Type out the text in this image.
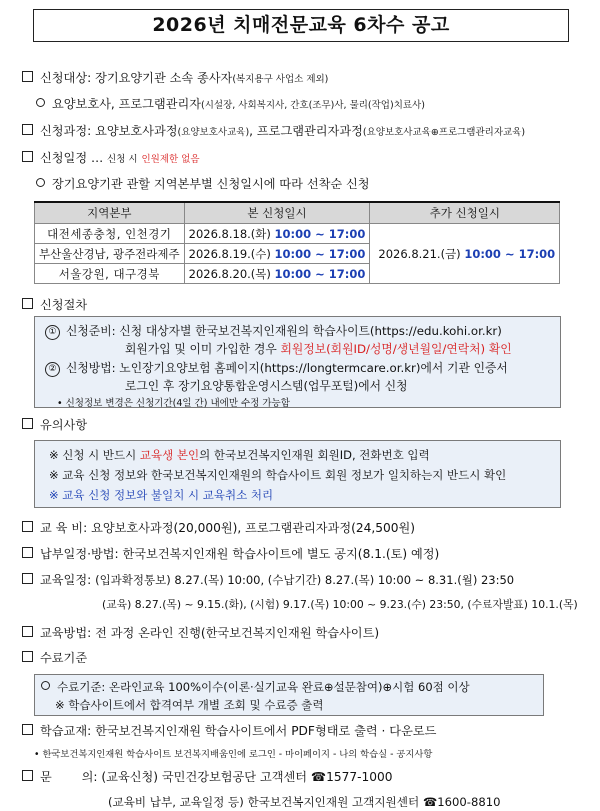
2026년 치매전문교육 6차수 공고
신청대상: 장기요양기관 소속 종사자(복지용구 사업소 제외)
요양보호사, 프로그램관리자(시설장, 사회복지사, 간호(조무)사, 물리(작업)치료사)
신청과정: 요양보호사과정(요양보호사교육), 프로그램관리자과정(요양보호사교육⊕프로그램관리자교육)
신청일정 … 신청 시 인원제한 없음
장기요양기관 관할 지역본부별 신청일시에 따라 선착순 신청
지역본부	본 신청일시	추가 신청일시
대전세종충청, 인천경기	2026.8.18.(화) 10:00 ~ 17:00	2026.8.21.(금) 10:00 ~ 17:00
부산울산경남, 광주전라제주	2026.8.19.(수) 10:00 ~ 17:00	
서울강원, 대구경북	2026.8.20.(목) 10:00 ~ 17:00	
신청절차
① 신청준비: 신청 대상자별 한국보건복지인재원의 학습사이트(https://edu.kohi.or.kr)
회원가입 및 이미 가입한 경우 회원정보(회원ID/성명/생년월일/연락처) 확인
② 신청방법: 노인장기요양보험 홈페이지(https://longtermcare.or.kr)에서 기관 인증서
로그인 후 장기요양통합운영시스템(업무포털)에서 신청
• 신청정보 변경은 신청기간(4일 간) 내에만 수정 가능함
유의사항
※ 신청 시 반드시 교육생 본인의 한국보건복지인재원 회원ID, 전화번호 입력
※ 교육 신청 정보와 한국보건복지인재원의 학습사이트 회원 정보가 일치하는지 반드시 확인
※ 교육 신청 정보와 불일치 시 교육취소 처리
교 육 비: 요양보호사과정(20,000원), 프로그램관리자과정(24,500원)
납부일정·방법: 한국보건복지인재원 학습사이트에 별도 공지(8.1.(토) 예정)
교육일정: (입과확정통보) 8.27.(목) 10:00, (수납기간) 8.27.(목) 10:00 ~ 8.31.(월) 23:50
(교육) 8.27.(목) ~ 9.15.(화), (시험) 9.17.(목) 10:00 ~ 9.23.(수) 23:50, (수료자발표) 10.1.(목)
교육방법: 전 과정 온라인 진행(한국보건복지인재원 학습사이트)
수료기준
수료기준: 온라인교육 100%이수(이론·실기교육 완료⊕설문참여)⊕시험 60점 이상
※ 학습사이트에서 합격여부 개별 조회 및 수료증 출력
학습교재: 한국보건복지인재원 학습사이트에서 PDF형태로 출력 · 다운로드
• 한국보건복지인재원 학습사이트 보건복지배움인에 로그인 - 마이페이지 - 나의 학습실 - 공지사항
문 의: (교육신청) 국민건강보험공단 고객센터 ☎1577-1000
(교육비 납부, 교육일정 등) 한국보건복지인재원 고객지원센터 ☎1600-8810
